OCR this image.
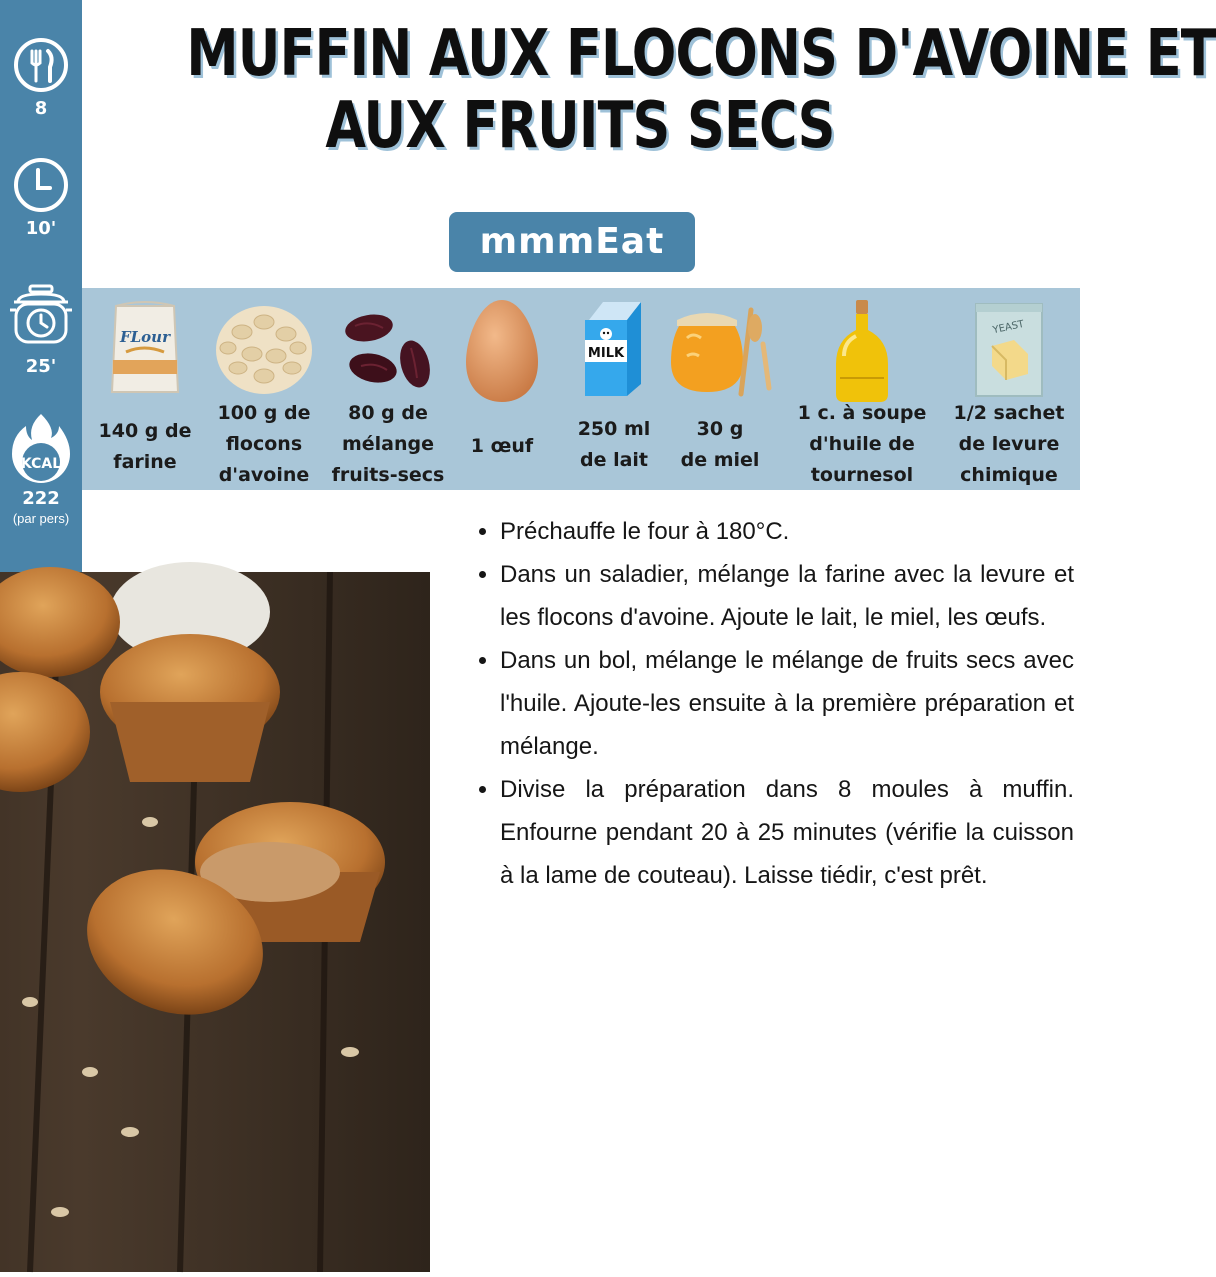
8
10'
25'
KCAL
222
(par pers)
MUFFIN AUX FLOCONS D'AVOINE ET
AUX FRUITS SECS
mmmEat
FLour
140 g de
farine
100 g de
flocons
d'avoine
80 g de
mélange
fruits-secs
1 œuf
MILK
250 ml
de lait
30 g
de miel
1 c. à soupe
d'huile de
tournesol
YEAST
1/2 sachet
de levure
chimique
• Préchauffe le four à 180°C.
• Dans un saladier, mélange la farine avec la levure et les flocons d'avoine. Ajoute le lait, le miel, les œufs.
• Dans un bol, mélange le mélange de fruits secs avec l'huile. Ajoute-les ensuite à la première préparation et mélange.
• Divise la préparation dans 8 moules à muffin. Enfourne pendant 20 à 25 minutes (vérifie la cuisson à la lame de couteau). Laisse tiédir, c'est prêt.
